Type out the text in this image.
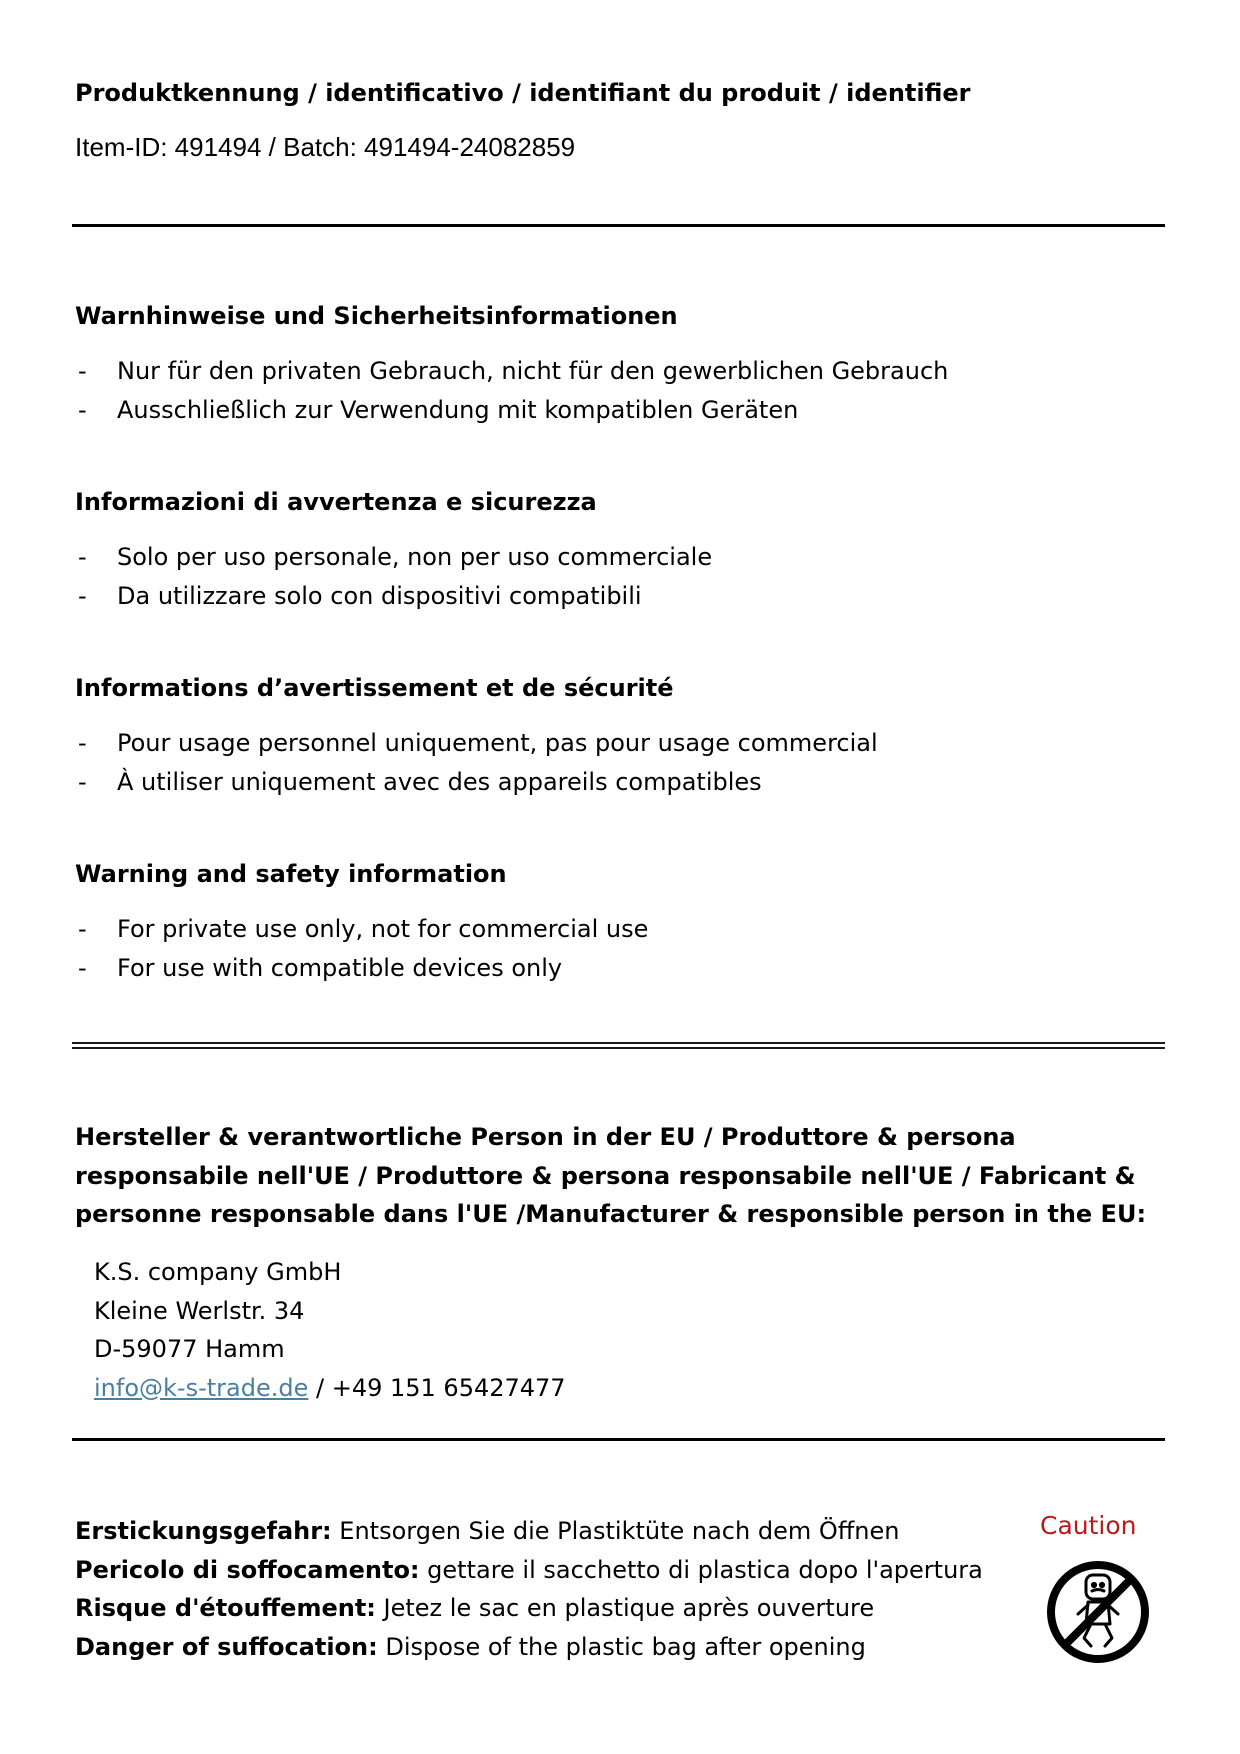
Produktkennung / identificativo / identifiant du produit / identifier
Item-ID: 491494 / Batch: 491494-24082859
Warnhinweise und Sicherheitsinformationen
-	Nur für den privaten Gebrauch, nicht für den gewerblichen Gebrauch
-	Ausschließlich zur Verwendung mit kompatiblen Geräten
Informazioni di avvertenza e sicurezza
-	Solo per uso personale, non per uso commerciale
-	Da utilizzare solo con dispositivi compatibili
Informations d’avertissement et de sécurité
-	Pour usage personnel uniquement, pas pour usage commercial
-	À utiliser uniquement avec des appareils compatibles
Warning and safety information
-	For private use only, not for commercial use
-	For use with compatible devices only
Hersteller & verantwortliche Person in der EU / Produttore & persona responsabile nell'UE / Produttore & persona responsabile nell'UE / Fabricant & personne responsable dans l'UE /Manufacturer & responsible person in the EU:
K.S. company GmbH
Kleine Werlstr. 34
D-59077 Hamm
info@k-s-trade.de / +49 151 65427477
Erstickungsgefahr: Entsorgen Sie die Plastiktüte nach dem Öffnen
Pericolo di soffocamento: gettare il sacchetto di plastica dopo l'apertura
Risque d'étouffement: Jetez le sac en plastique après ouverture
Danger of suffocation: Dispose of the plastic bag after opening
Caution
